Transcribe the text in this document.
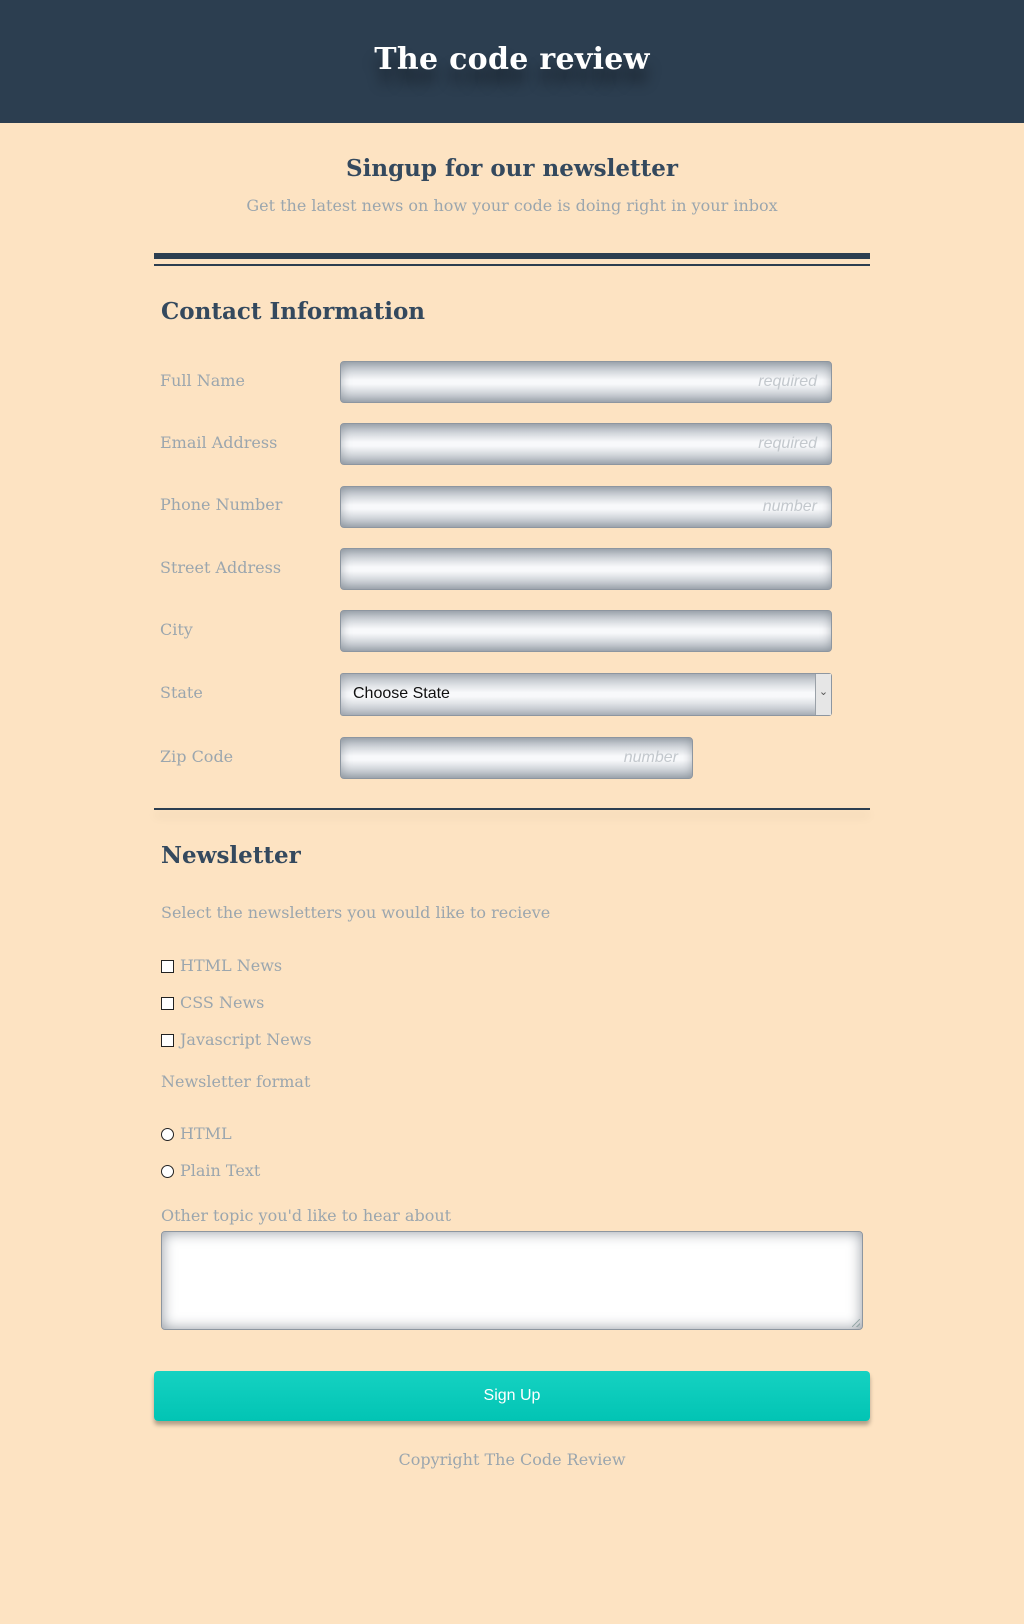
The code review
Singup for our newsletter
Get the latest news on how your code is doing right in your inbox
Contact Information
Full Name	required
Email Address	required
Phone Number	number
Street Address
City
State	Choose State	⌄
Zip Code	number
Newsletter
Select the newsletters you would like to recieve
HTML News
CSS News
Javascript News
Newsletter format
HTML
Plain Text
Other topic you'd like to hear about
Sign Up
Copyright The Code Review
